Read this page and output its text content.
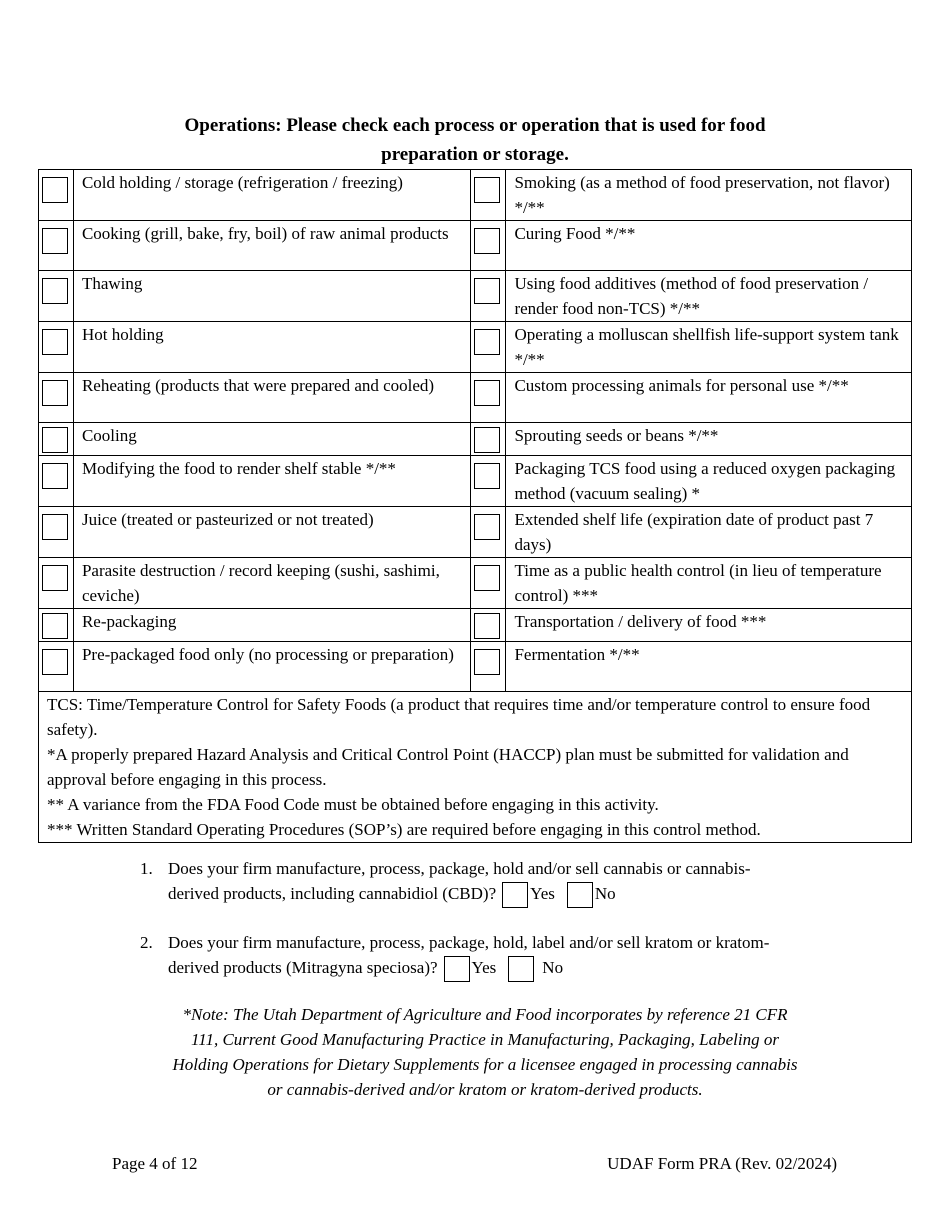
Operations: Please check each process or operation that is used for food
preparation or storage.
	Cold holding / storage (refrigeration / freezing)		Smoking (as a method of food preservation, not flavor) */**

	Cooking (grill, bake, fry, boil) of raw animal products		Curing Food */**

	Thawing		Using food additives (method of food preservation / render food non-TCS) */**

	Hot holding		Operating a molluscan shellfish life-support system tank */**

	Reheating (products that were prepared and cooled)		Custom processing animals for personal use */**

	Cooling		Sprouting seeds or beans */**

	Modifying the food to render shelf stable */**		Packaging TCS food using a reduced oxygen packaging method (vacuum sealing) *

	Juice (treated or pasteurized or not treated)		Extended shelf life (expiration date of product past 7 days)

	Parasite destruction / record keeping (sushi, sashimi, ceviche)		Time as a public health control (in lieu of temperature control) ***

	Re-packaging		Transportation / delivery of food ***

	Pre-packaged food only (no processing or preparation)		Fermentation */**

TCS: Time/Temperature Control for Safety Foods (a product that requires time and/or temperature control to ensure food safety).
*A properly prepared Hazard Analysis and Critical Control Point (HACCP) plan must be submitted for validation and approval before engaging in this process.
** A variance from the FDA Food Code must be obtained before engaging in this activity.
*** Written Standard Operating Procedures (SOP’s) are required before engaging in this control method.			
1. Does your firm manufacture, process, package, hold and/or sell cannabis or cannabis-
derived products, including cannabidiol (CBD)? Yes No
2. Does your firm manufacture, process, package, hold, label and/or sell kratom or kratom-
derived products (Mitragyna speciosa)? Yes	No
*Note: The Utah Department of Agriculture and Food incorporates by reference 21 CFR
111, Current Good Manufacturing Practice in Manufacturing, Packaging, Labeling or
Holding Operations for Dietary Supplements for a licensee engaged in processing cannabis
or cannabis-derived and/or kratom or kratom-derived products.
Page 4 of 12	UDAF Form PRA (Rev. 02/2024)
